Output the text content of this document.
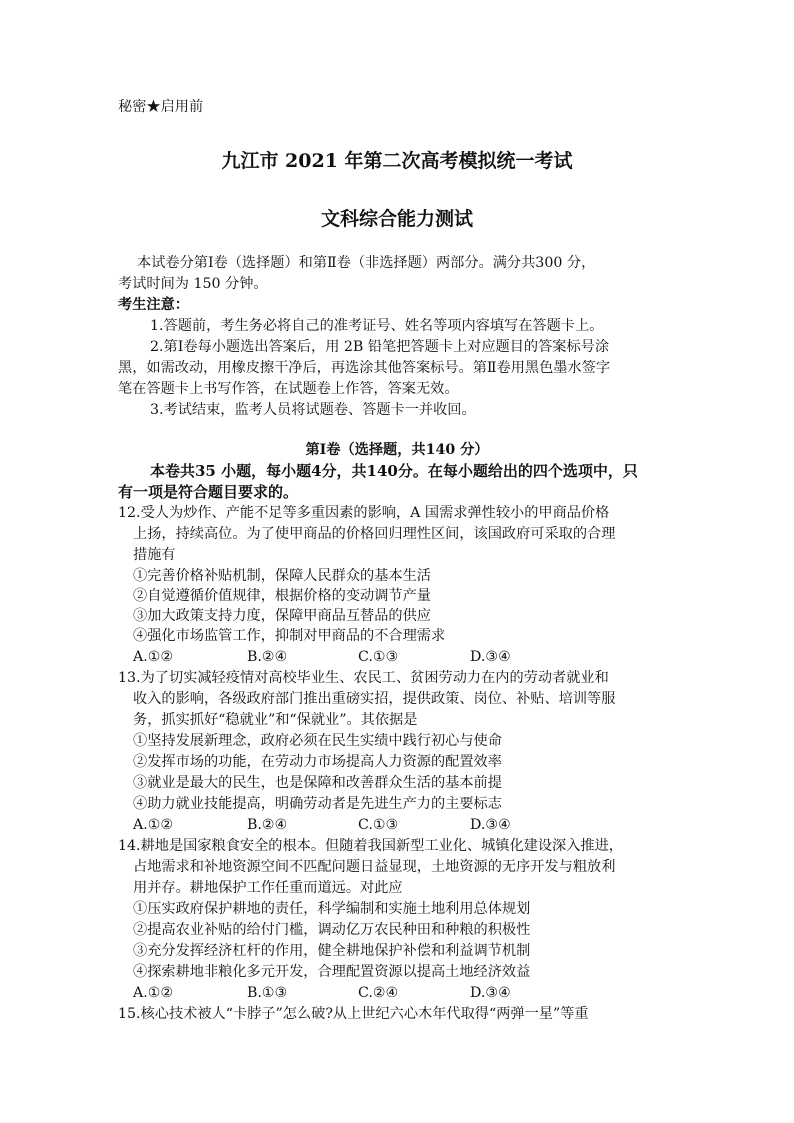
秘密★启用前
九江市 2021 年第二次高考模拟统一考试
文科综合能力测试
本试卷分第Ⅰ卷（选择题）和第Ⅱ卷（非选择题）两部分。满分共300 分，
考试时间为 150 分钟。
考生注意：
1.答题前，考生务必将自己的准考证号、姓名等项内容填写在答题卡上。
2.第Ⅰ卷每小题选出答案后，用 2B 铅笔把答题卡上对应题目的答案标号涂
黑，如需改动，用橡皮擦干净后，再选涂其他答案标号。第Ⅱ卷用黑色墨水签字
笔在答题卡上书写作答，在试题卷上作答，答案无效。
3.考试结束，监考人员将试题卷、答题卡一并收回。
第Ⅰ卷（选择题，共140 分）
本卷共35 小题，每小题4分，共140分。在每小题给出的四个选项中，只
有一项是符合题目要求的。
12.受人为炒作、产能不足等多重因素的影响，A 国需求弹性较小的甲商品价格
上扬，持续高位。为了使甲商品的价格回归理性区间，该国政府可采取的合理
措施有
①完善价格补贴机制，保障人民群众的基本生活
②自觉遵循价值规律，根据价格的变动调节产量
③加大政策支持力度，保障甲商品互替品的供应
④强化市场监管工作，抑制对甲商品的不合理需求
A.①②	B.②④	C.①③	D.③④
13.为了切实减轻疫情对高校毕业生、农民工、贫困劳动力在内的劳动者就业和
收入的影响，各级政府部门推出重磅实招，提供政策、岗位、补贴、培训等服
务，抓实抓好“稳就业”和“保就业”。其依据是
①坚持发展新理念，政府必须在民生实绩中践行初心与使命
②发挥市场的功能，在劳动力市场提高人力资源的配置效率
③就业是最大的民生，也是保障和改善群众生活的基本前提
④助力就业技能提高，明确劳动者是先进生产力的主要标志
A.①②	B.②④	C.①③	D.③④
14.耕地是国家粮食安全的根本。但随着我国新型工业化、城镇化建设深入推进，
占地需求和补地资源空间不匹配问题日益显现，土地资源的无序开发与粗放利
用并存。耕地保护工作任重而道远。对此应
①压实政府保护耕地的责任，科学编制和实施土地利用总体规划
②提高农业补贴的给付门槛，调动亿万农民种田和种粮的积极性
③充分发挥经济杠杆的作用，健全耕地保护补偿和利益调节机制
④探索耕地非粮化多元开发，合理配置资源以提高土地经济效益
A.①②	B.①③	C.②④	D.③④
15.核心技术被人“卡脖子”怎么破?从上世纪六心木年代取得“两弹一星”等重
